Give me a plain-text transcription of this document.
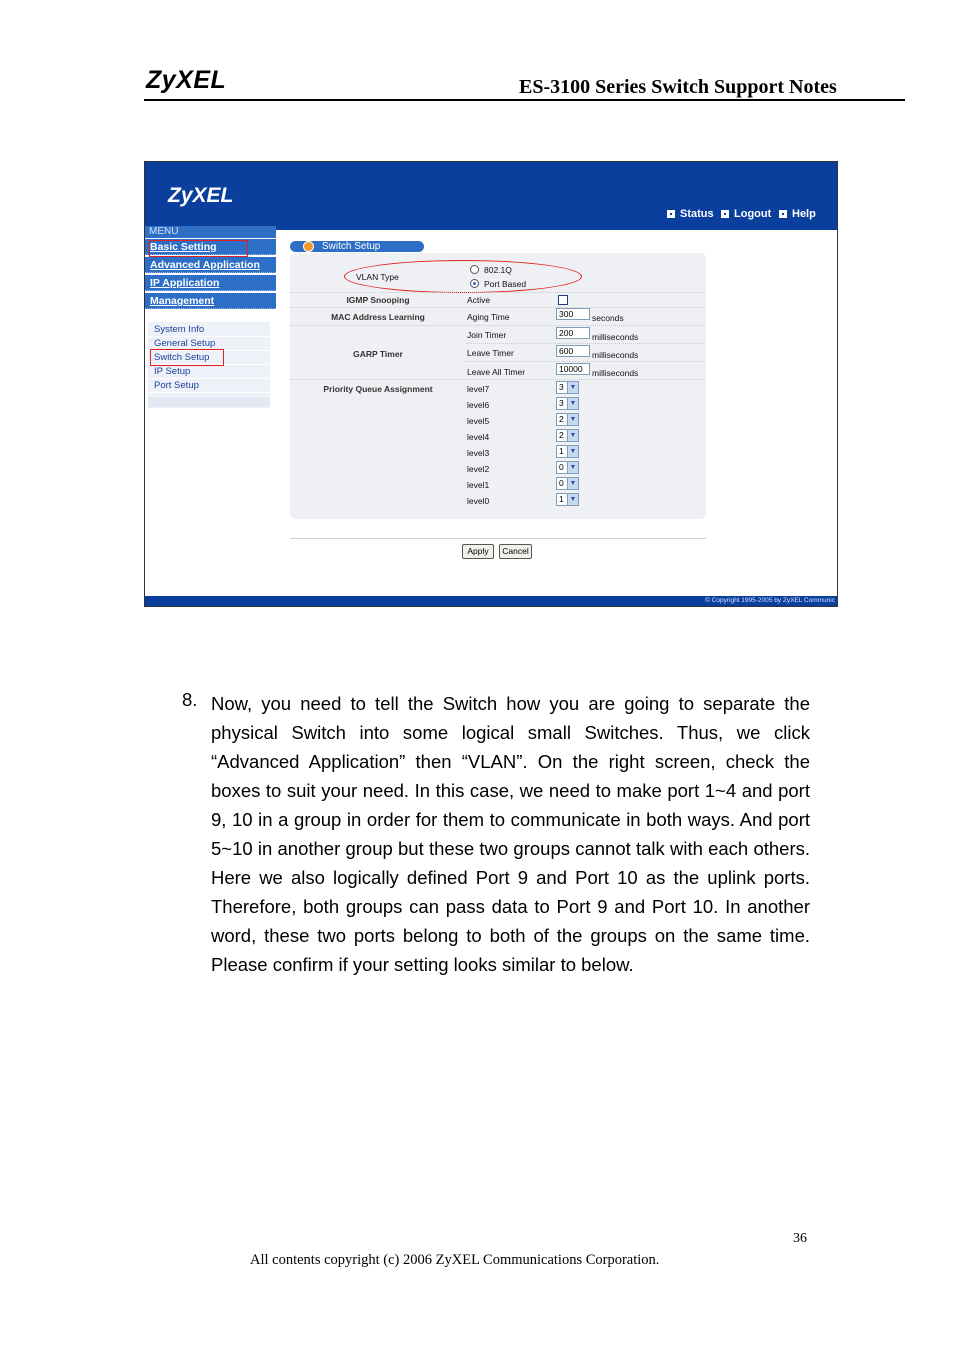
ZyXEL	ES-3100 Series Switch Support Notes
ZyXEL
Status Logout Help
MENU
Basic Setting
Advanced Application
IP Application
Management
System Info
General Setup
Switch Setup
IP Setup
Port Setup
Switch Setup
VLAN Type
802.1Q
Port Based
IGMP Snooping	Active
MAC Address Learning	Aging Time	300	seconds
GARP Timer
Join Timer	200	milliseconds
Leave Timer	600	milliseconds
Leave All Timer	10000	milliseconds
Priority Queue Assignment	level7	3 ▼
level6	3 ▼
level5	2 ▼
level4	2 ▼
level3	1 ▼
level2	0 ▼
level1	0 ▼
level0	1 ▼
Apply	Cancel
© Copyright 1995-2005 by ZyXEL Communic
8. Now, you need to tell the Switch how you are going to separate the physical Switch into some logical small Switches. Thus, we click “Advanced Application” then “VLAN”. On the right screen, check the boxes to suit your need. In this case, we need to make port 1~4 and port 9, 10 in a group in order for them to communicate in both ways. And port 5~10 in another group but these two groups cannot talk with each others. Here we also logically defined Port 9 and Port 10 as the uplink ports. Therefore, both groups can pass data to Port 9 and Port 10. In another word, these two ports belong to both of the groups on the same time. Please confirm if your setting looks similar to below.
36
All contents copyright (c) 2006 ZyXEL Communications Corporation.
